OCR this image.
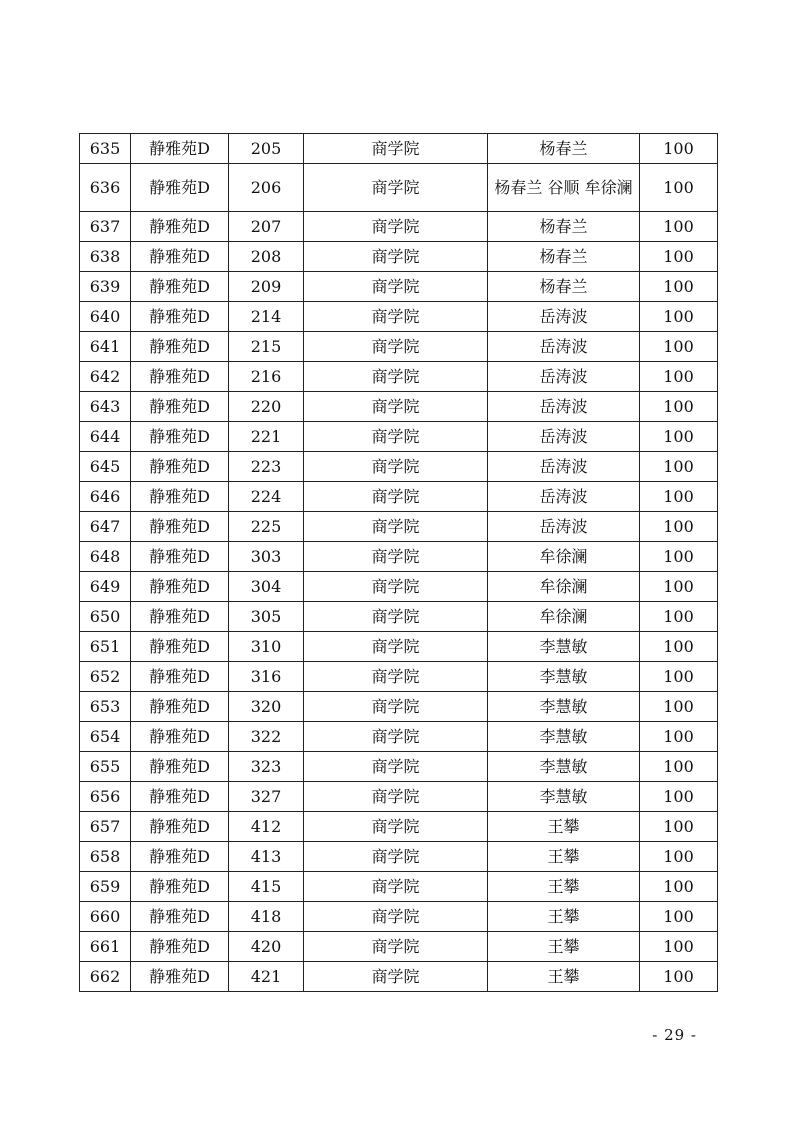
635	静雅苑D	205	商学院	杨春兰	100
636	静雅苑D	206	商学院	杨春兰 谷顺 牟徐澜	100
637	静雅苑D	207	商学院	杨春兰	100
638	静雅苑D	208	商学院	杨春兰	100
639	静雅苑D	209	商学院	杨春兰	100
640	静雅苑D	214	商学院	岳涛波	100
641	静雅苑D	215	商学院	岳涛波	100
642	静雅苑D	216	商学院	岳涛波	100
643	静雅苑D	220	商学院	岳涛波	100
644	静雅苑D	221	商学院	岳涛波	100
645	静雅苑D	223	商学院	岳涛波	100
646	静雅苑D	224	商学院	岳涛波	100
647	静雅苑D	225	商学院	岳涛波	100
648	静雅苑D	303	商学院	牟徐澜	100
649	静雅苑D	304	商学院	牟徐澜	100
650	静雅苑D	305	商学院	牟徐澜	100
651	静雅苑D	310	商学院	李慧敏	100
652	静雅苑D	316	商学院	李慧敏	100
653	静雅苑D	320	商学院	李慧敏	100
654	静雅苑D	322	商学院	李慧敏	100
655	静雅苑D	323	商学院	李慧敏	100
656	静雅苑D	327	商学院	李慧敏	100
657	静雅苑D	412	商学院	王攀	100
658	静雅苑D	413	商学院	王攀	100
659	静雅苑D	415	商学院	王攀	100
660	静雅苑D	418	商学院	王攀	100
661	静雅苑D	420	商学院	王攀	100
662	静雅苑D	421	商学院	王攀	100
- 29 -
